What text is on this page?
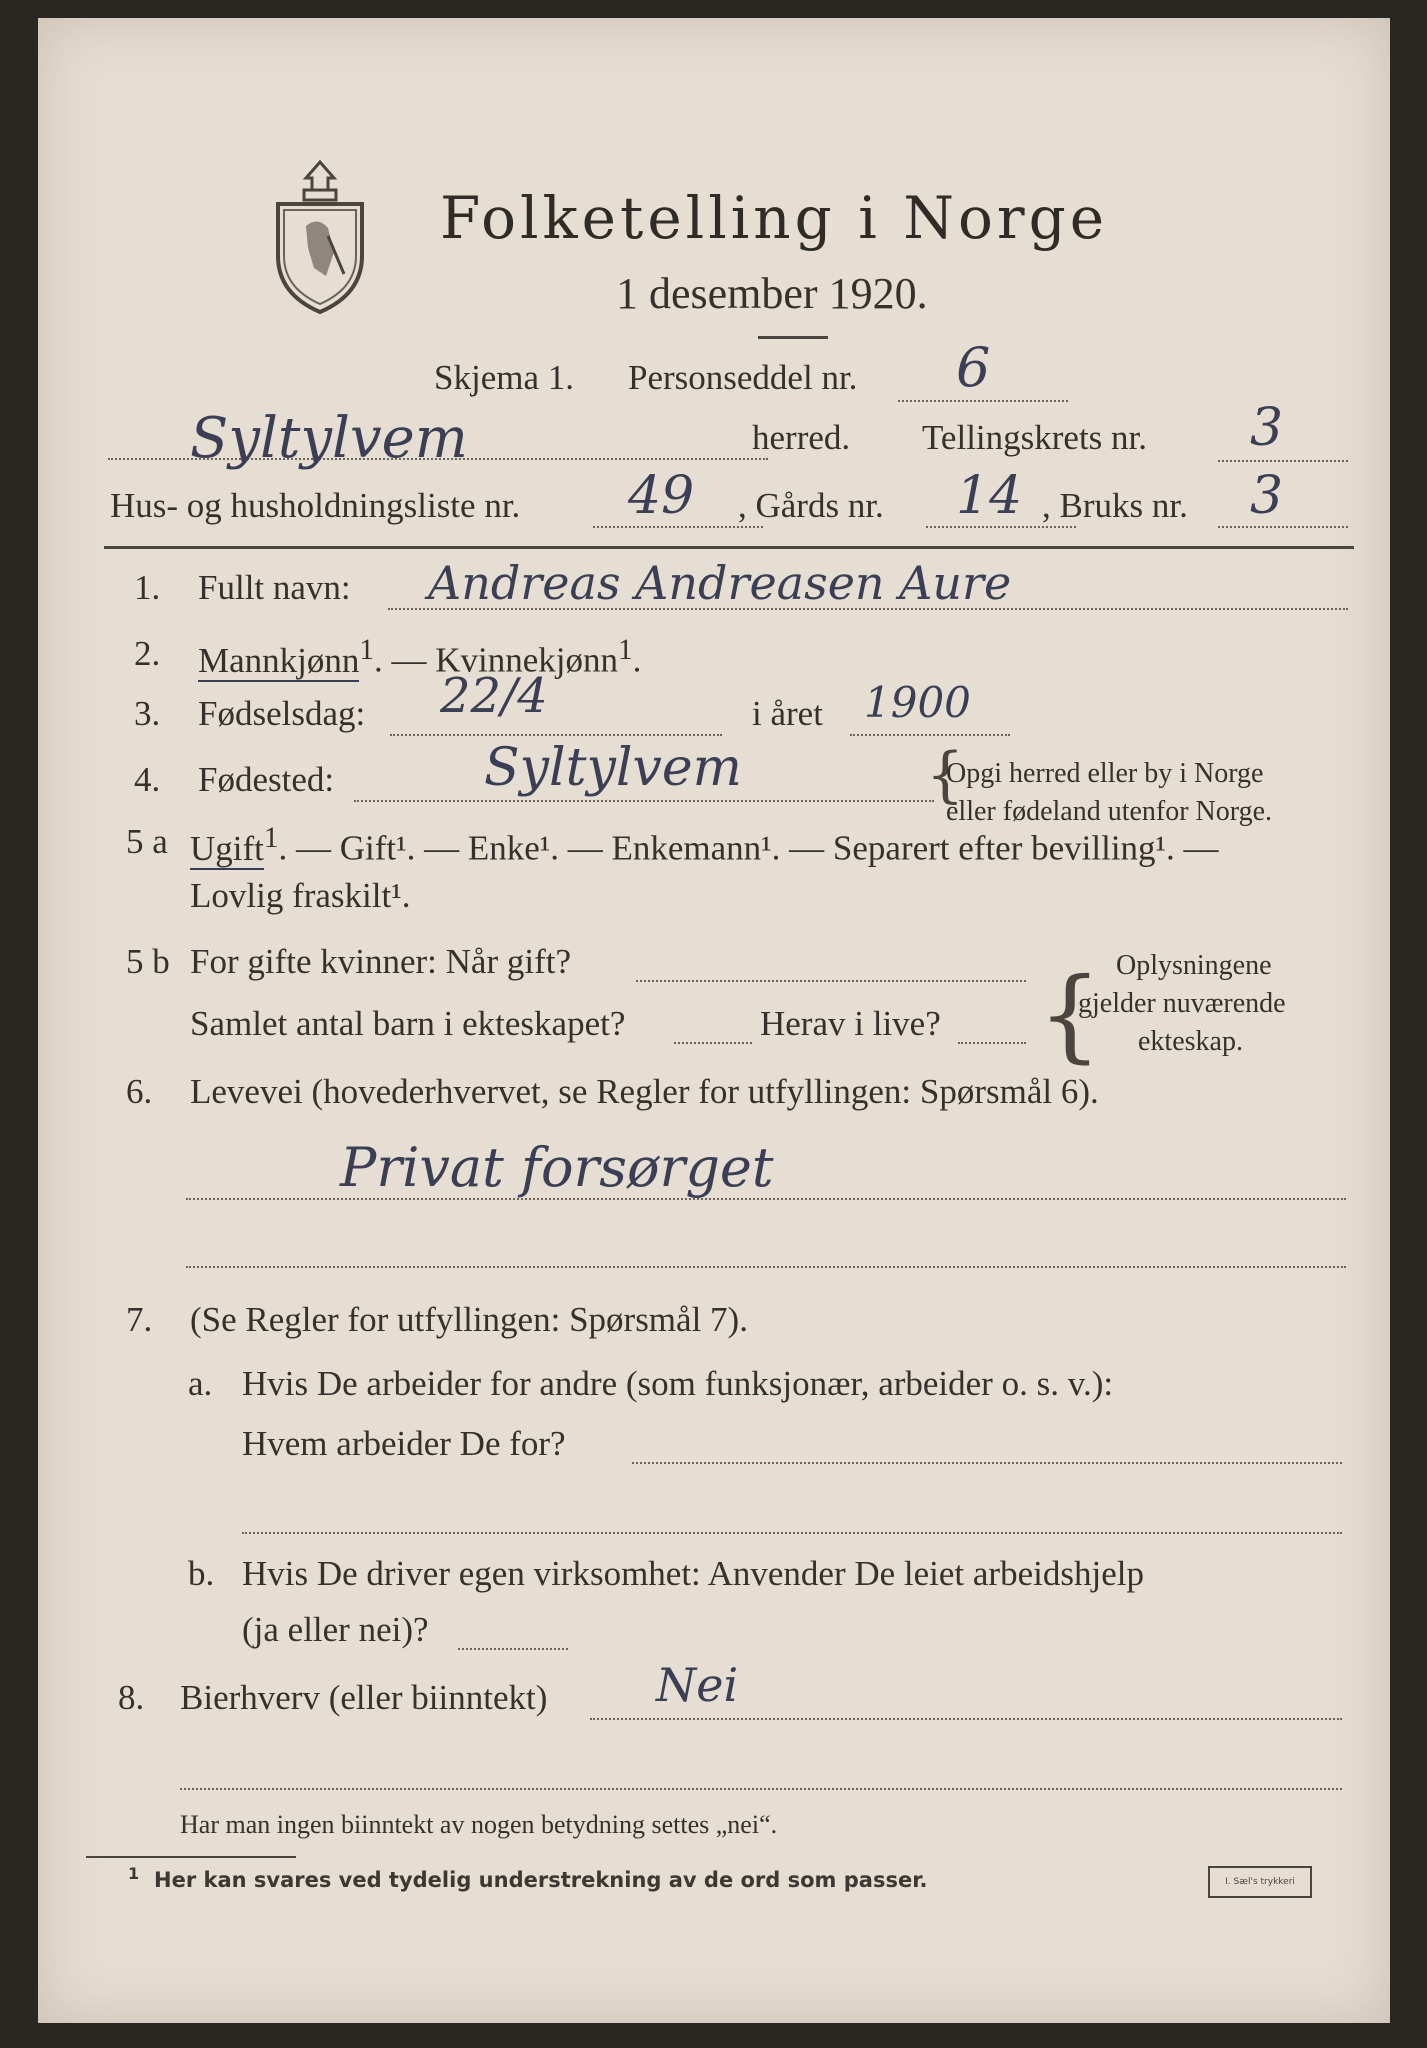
Folketelling i Norge
1 desember 1920.
Skjema 1. Personseddel nr. 6
Syltylvem	herred. Tellingskrets nr. 3
Hus- og husholdningsliste nr. 49 , Gårds nr. 14 , Bruks nr. 3
1. Fullt navn: Andreas Andreasen Aure
2. Mannkjønn$^1$. — Kvinnekjønn$^1$.
3. Fødselsdag: 22/4	i året 1900
4. Fødested:	Syltylvem	{
Opgi herred eller by i Norge
eller fødeland utenfor Norge.
5 a Ugift$^1$. — Gift¹. — Enke¹. — Enkemann¹. — Separert efter bevilling¹. —
Lovlig fraskilt¹.
5 b For gifte kvinner: Når gift?
Samlet antal barn i ekteskapet?	Herav i live? { Oplysningene
gjelder nuværende
ekteskap.
6. Levevei (hovederhvervet, se Regler for utfyllingen: Spørsmål 6).
Privat forsørget
7. (Se Regler for utfyllingen: Spørsmål 7).
a. Hvis De arbeider for andre (som funksjonær, arbeider o. s. v.):
Hvem arbeider De for?
b. Hvis De driver egen virksomhet: Anvender De leiet arbeidshjelp
(ja eller nei)?
8. Bierhverv (eller biinntekt) Nei
Har man ingen biinntekt av nogen betydning settes „nei“.
1 Her kan svares ved tydelig understrekning av de ord som passer.	I. Sæl's trykkeri
